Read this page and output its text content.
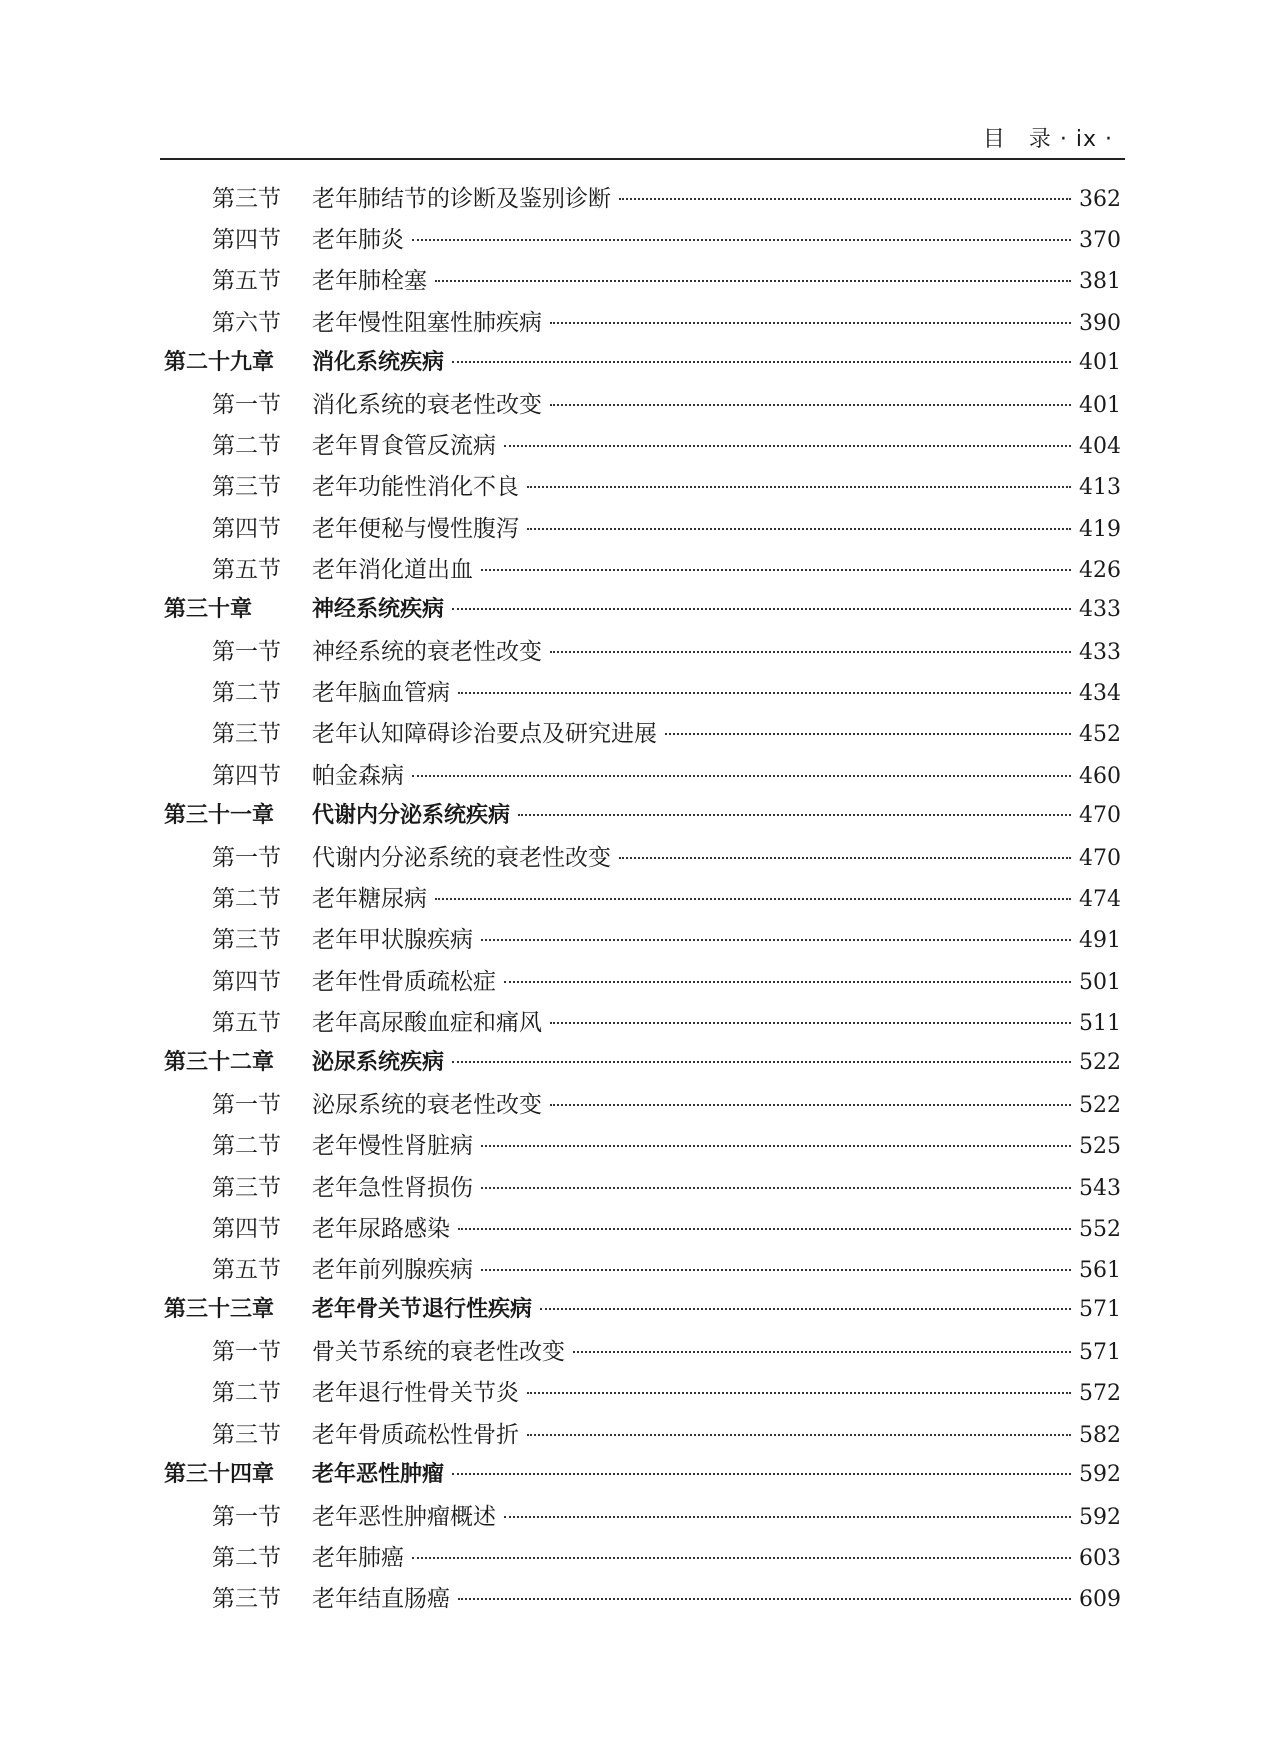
目　录 · ix ·
第三节	老年肺结节的诊断及鉴别诊断	362
第四节	老年肺炎	370
第五节	老年肺栓塞	381
第六节	老年慢性阻塞性肺疾病	390
第二十九章	消化系统疾病	401
第一节	消化系统的衰老性改变	401
第二节	老年胃食管反流病	404
第三节	老年功能性消化不良	413
第四节	老年便秘与慢性腹泻	419
第五节	老年消化道出血	426
第三十章	神经系统疾病	433
第一节	神经系统的衰老性改变	433
第二节	老年脑血管病	434
第三节	老年认知障碍诊治要点及研究进展	452
第四节	帕金森病	460
第三十一章	代谢内分泌系统疾病	470
第一节	代谢内分泌系统的衰老性改变	470
第二节	老年糖尿病	474
第三节	老年甲状腺疾病	491
第四节	老年性骨质疏松症	501
第五节	老年高尿酸血症和痛风	511
第三十二章	泌尿系统疾病	522
第一节	泌尿系统的衰老性改变	522
第二节	老年慢性肾脏病	525
第三节	老年急性肾损伤	543
第四节	老年尿路感染	552
第五节	老年前列腺疾病	561
第三十三章	老年骨关节退行性疾病	571
第一节	骨关节系统的衰老性改变	571
第二节	老年退行性骨关节炎	572
第三节	老年骨质疏松性骨折	582
第三十四章	老年恶性肿瘤	592
第一节	老年恶性肿瘤概述	592
第二节	老年肺癌	603
第三节	老年结直肠癌	609
